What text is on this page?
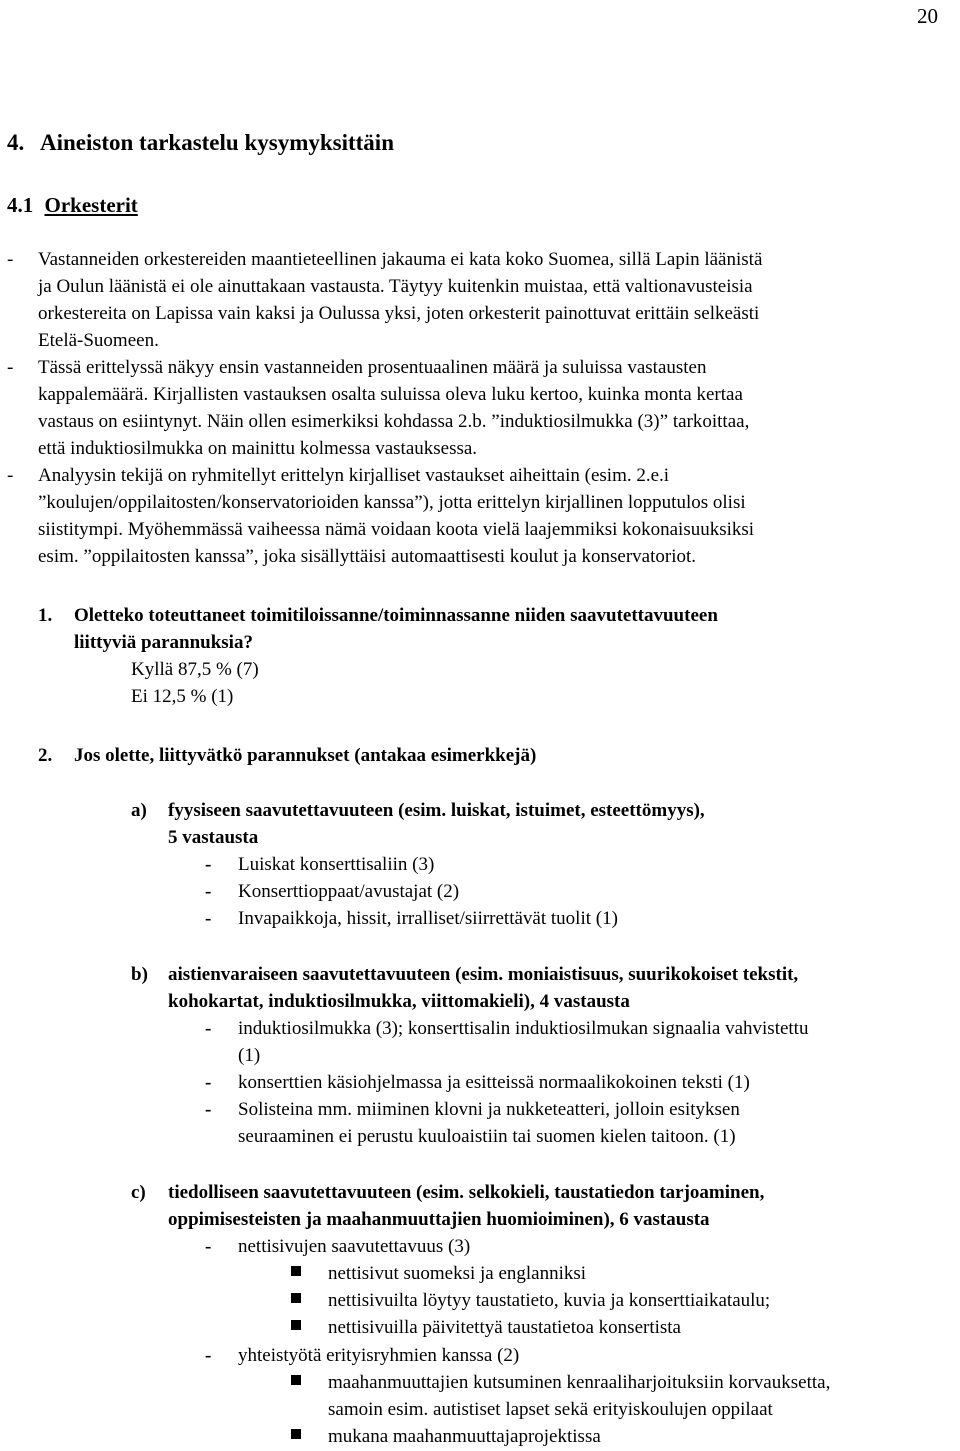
20
4. Aineiston tarkastelu kysymyksittäin
4.1 Orkesterit
- Vastanneiden orkestereiden maantieteellinen jakauma ei kata koko Suomea, sillä Lapin läänistä
ja Oulun läänistä ei ole ainuttakaan vastausta. Täytyy kuitenkin muistaa, että valtionavusteisia
orkestereita on Lapissa vain kaksi ja Oulussa yksi, joten orkesterit painottuvat erittäin selkeästi
Etelä-Suomeen.
- Tässä erittelyssä näkyy ensin vastanneiden prosentuaalinen määrä ja suluissa vastausten
kappalemäärä. Kirjallisten vastauksen osalta suluissa oleva luku kertoo, kuinka monta kertaa
vastaus on esiintynyt. Näin ollen esimerkiksi kohdassa 2.b. ”induktiosilmukka (3)” tarkoittaa,
että induktiosilmukka on mainittu kolmessa vastauksessa.
- Analyysin tekijä on ryhmitellyt erittelyn kirjalliset vastaukset aiheittain (esim. 2.e.i
”koulujen/oppilaitosten/konservatorioiden kanssa”), jotta erittelyn kirjallinen lopputulos olisi
siistitympi. Myöhemmässä vaiheessa nämä voidaan koota vielä laajemmiksi kokonaisuuksiksi
esim. ”oppilaitosten kanssa”, joka sisällyttäisi automaattisesti koulut ja konservatoriot.
1. Oletteko toteuttaneet toimitiloissanne/toiminnassanne niiden saavutettavuuteen
liittyviä parannuksia?
Kyllä 87,5 % (7)
Ei 12,5 % (1)
2. Jos olette, liittyvätkö parannukset (antakaa esimerkkejä)
a) fyysiseen saavutettavuuteen (esim. luiskat, istuimet, esteettömyys),
5 vastausta
- Luiskat konserttisaliin (3)
- Konserttioppaat/avustajat (2)
- Invapaikkoja, hissit, irralliset/siirrettävät tuolit (1)
b) aistienvaraiseen saavutettavuuteen (esim. moniaistisuus, suurikokoiset tekstit,
kohokartat, induktiosilmukka, viittomakieli), 4 vastausta
- induktiosilmukka (3); konserttisalin induktiosilmukan signaalia vahvistettu
(1)
- konserttien käsiohjelmassa ja esitteissä normaalikokoinen teksti (1)
- Solisteina mm. miiminen klovni ja nukketeatteri, jolloin esityksen
seuraaminen ei perustu kuuloaistiin tai suomen kielen taitoon. (1)
c) tiedolliseen saavutettavuuteen (esim. selkokieli, taustatiedon tarjoaminen,
oppimisesteisten ja maahanmuuttajien huomioiminen), 6 vastausta
- nettisivujen saavutettavuus (3)
nettisivut suomeksi ja englanniksi
nettisivuilta löytyy taustatieto, kuvia ja konserttiaikataulu;
nettisivuilla päivitettyä taustatietoa konsertista
- yhteistyötä erityisryhmien kanssa (2)
maahanmuuttajien kutsuminen kenraaliharjoituksiin korvauksetta,
samoin esim. autistiset lapset sekä erityiskoulujen oppilaat
mukana maahanmuuttajaprojektissa
